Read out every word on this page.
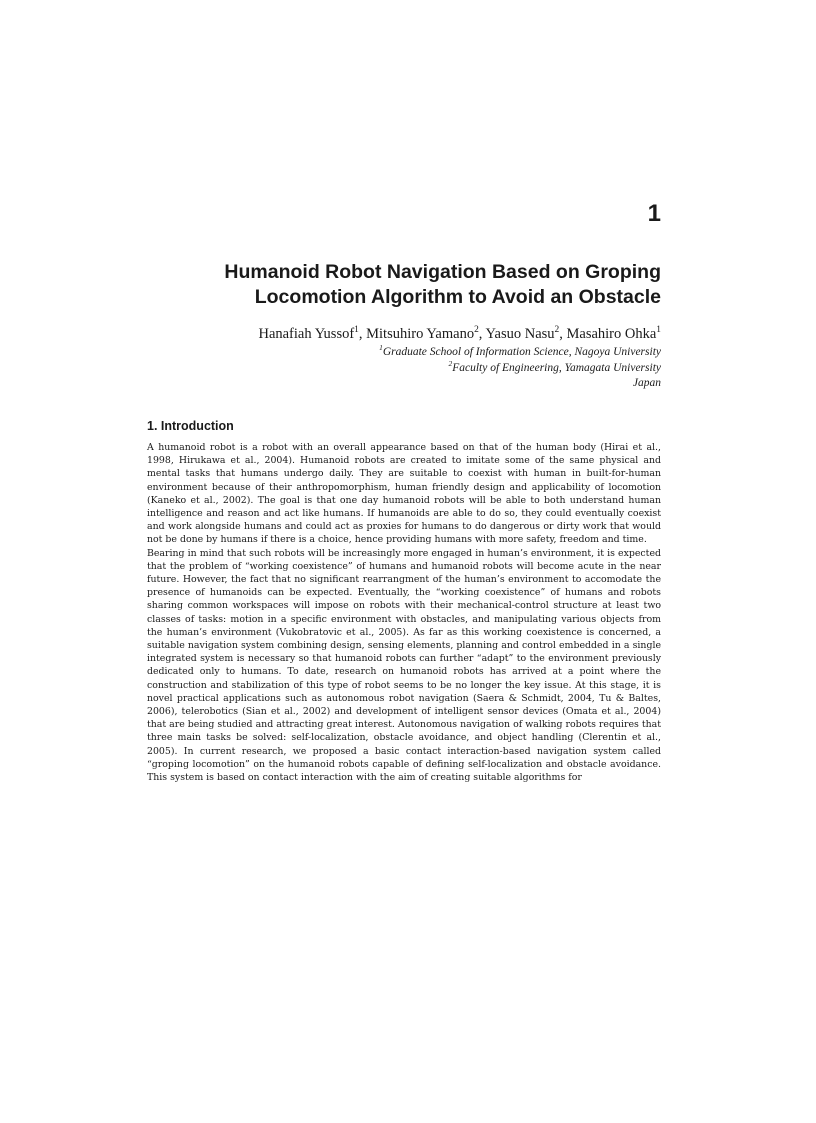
1
Humanoid Robot Navigation Based on Groping
Locomotion Algorithm to Avoid an Obstacle
Hanafiah Yussof$^1$, Mitsuhiro Yamano$^2$, Yasuo Nasu$^2$, Masahiro Ohka$^1$
$^1$Graduate School of Information Science, Nagoya University
$^2$Faculty of Engineering, Yamagata University
Japan
1. Introduction

A humanoid robot is a robot with an overall appearance based on that of the human body (Hirai et al., 1998, Hirukawa et al., 2004). Humanoid robots are created to imitate some of the same physical and mental tasks that humans undergo daily. They are suitable to coexist with human in built-for-human environment because of their anthropomorphism, human friendly design and applicability of locomotion (Kaneko et al., 2002). The goal is that one day humanoid robots will be able to both understand human intelligence and reason and act like humans. If humanoids are able to do so, they could eventually coexist and work alongside humans and could act as proxies for humans to do dangerous or dirty work that would not be done by humans if there is a choice, hence providing humans with more safety, freedom and time.

Bearing in mind that such robots will be increasingly more engaged in human’s environment, it is expected that the problem of “working coexistence” of humans and humanoid robots will become acute in the near future. However, the fact that no significant rearrangment of the human’s environment to accomodate the presence of humanoids can be expected. Eventually, the “working coexistence” of humans and robots sharing common workspaces will impose on robots with their mechanical-control structure at least two classes of tasks: motion in a specific environment with obstacles, and manipulating various objects from the human’s environment (Vukobratovic et al., 2005). As far as this working coexistence is concerned, a suitable navigation system combining design, sensing elements, planning and control embedded in a single integrated system is necessary so that humanoid robots can further “adapt” to the environment previously dedicated only to humans. To date, research on humanoid robots has arrived at a point where the construction and stabilization of this type of robot seems to be no longer the key issue. At this stage, it is novel practical applications such as autonomous robot navigation (Saera & Schmidt, 2004, Tu & Baltes, 2006), telerobotics (Sian et al., 2002) and development of intelligent sensor devices (Omata et al., 2004) that are being studied and attracting great interest. Autonomous navigation of walking robots requires that three main tasks be solved: self-localization, obstacle avoidance, and object handling (Clerentin et al., 2005). In current research, we proposed a basic contact interaction-based navigation system called “groping locomotion” on the humanoid robots capable of defining self-localization and obstacle avoidance. This system is based on contact interaction with the aim of creating suitable algorithms for
